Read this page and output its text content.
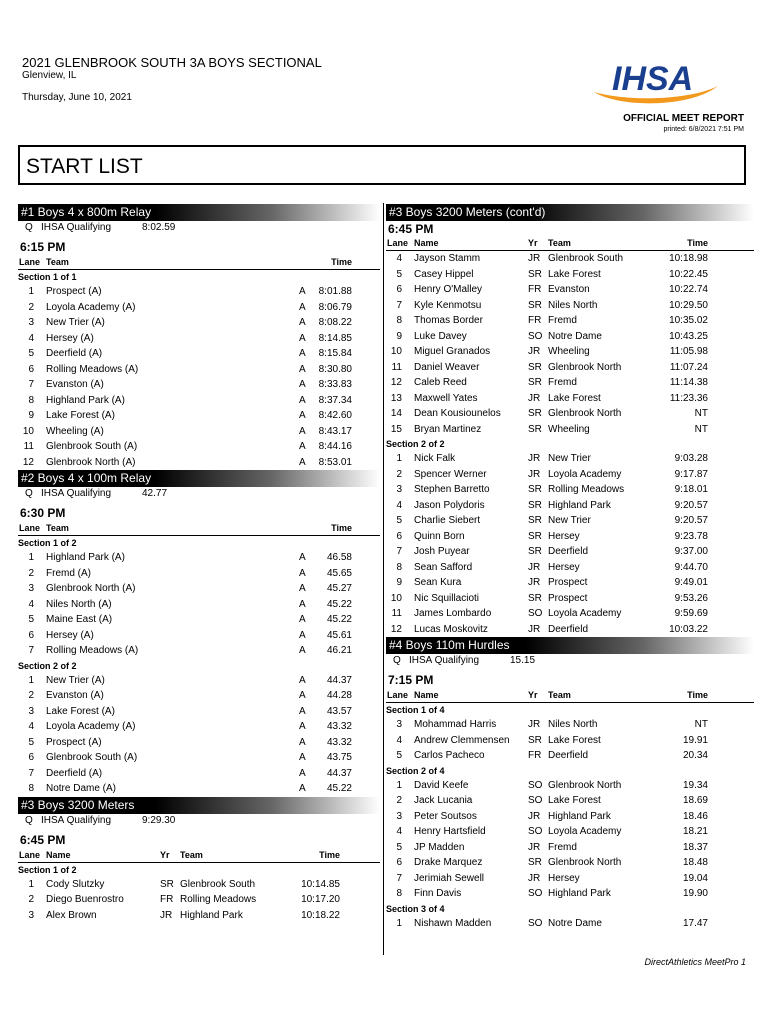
2021 GLENBROOK SOUTH 3A BOYS SECTIONAL
Glenview, IL
Thursday, June 10, 2021	IHSA
OFFICIAL MEET REPORT
printed: 6/8/2021 7:51 PM
START LIST
#1 Boys 4 x 800m Relay
Q IHSA Qualifying	8:02.59
6:15 PM
Lane Team	Time
Section 1 of 1
1 Prospect (A)	A 8:01.88
2 Loyola Academy (A)	A 8:06.79
3 New Trier (A)	A 8:08.22
4 Hersey (A)	A 8:14.85
5 Deerfield (A)	A 8:15.84
6 Rolling Meadows (A)	A 8:30.80
7 Evanston (A)	A 8:33.83
8 Highland Park (A)	A 8:37.34
9 Lake Forest (A)	A 8:42.60
10 Wheeling (A)	A 8:43.17
11 Glenbrook South (A)	A 8:44.16
12 Glenbrook North (A)	A 8:53.01
#2 Boys 4 x 100m Relay
Q IHSA Qualifying	42.77
6:30 PM
Lane Team	Time
Section 1 of 2
1 Highland Park (A)	A 46.58
2 Fremd (A)	A 45.65
3 Glenbrook North (A)	A 45.27
4 Niles North (A)	A 45.22
5 Maine East (A)	A 45.22
6 Hersey (A)	A 45.61
7 Rolling Meadows (A)	A 46.21
Section 2 of 2
1 New Trier (A)	A 44.37
2 Evanston (A)	A 44.28
3 Lake Forest (A)	A 43.57
4 Loyola Academy (A)	A 43.32
5 Prospect (A)	A 43.32
6 Glenbrook South (A)	A 43.75
7 Deerfield (A)	A 44.37
8 Notre Dame (A)	A 45.22
#3 Boys 3200 Meters
Q IHSA Qualifying	9:29.30
6:45 PM
Lane Name	Yr Team	Time
Section 1 of 2
1 Cody Slutzky	SR Glenbrook South	10:14.85
2 Diego Buenrostro	FR Rolling Meadows	10:17.20
3 Alex Brown	JR Highland Park	10:18.22
#3 Boys 3200 Meters (cont'd)
6:45 PM
Lane Name	Yr Team	Time
4 Jayson Stamm	JR Glenbrook South	10:18.98
5 Casey Hippel	SR Lake Forest	10:22.45
6 Henry O'Malley	FR Evanston	10:22.74
7 Kyle Kenmotsu	SR Niles North	10:29.50
8 Thomas Border	FR Fremd	10:35.02
9 Luke Davey	SO Notre Dame	10:43.25
10 Miguel Granados	JR Wheeling	11:05.98
11 Daniel Weaver	SR Glenbrook North	11:07.24
12 Caleb Reed	SR Fremd	11:14.38
13 Maxwell Yates	JR Lake Forest	11:23.36
14 Dean Kousiounelos	SR Glenbrook North	NT
15 Bryan Martinez	SR Wheeling	NT
Section 2 of 2
1 Nick Falk	JR New Trier	9:03.28
2 Spencer Werner	JR Loyola Academy	9:17.87
3 Stephen Barretto	SR Rolling Meadows	9:18.01
4 Jason Polydoris	SR Highland Park	9:20.57
5 Charlie Siebert	SR New Trier	9:20.57
6 Quinn Born	SR Hersey	9:23.78
7 Josh Puyear	SR Deerfield	9:37.00
8 Sean Safford	JR Hersey	9:44.70
9 Sean Kura	JR Prospect	9:49.01
10 Nic Squillacioti	SR Prospect	9:53.26
11 James Lombardo	SO Loyola Academy	9:59.69
12 Lucas Moskovitz	JR Deerfield	10:03.22
#4 Boys 110m Hurdles
Q IHSA Qualifying	15.15
7:15 PM
Lane Name	Yr Team	Time
Section 1 of 4
3 Mohammad Harris	JR Niles North	NT
4 Andrew Clemmensen SR Lake Forest	19.91
5 Carlos Pacheco	FR Deerfield	20.34
Section 2 of 4
1 David Keefe	SO Glenbrook North	19.34
2 Jack Lucania	SO Lake Forest	18.69
3 Peter Soutsos	JR Highland Park	18.46
4 Henry Hartsfield	SO Loyola Academy	18.21
5 JP Madden	JR Fremd	18.37
6 Drake Marquez	SR Glenbrook North	18.48
7 Jerimiah Sewell	JR Hersey	19.04
8 Finn Davis	SO Highland Park	19.90
Section 3 of 4
1 Nishawn Madden	SO Notre Dame	17.47
DirectAthletics MeetPro 1
